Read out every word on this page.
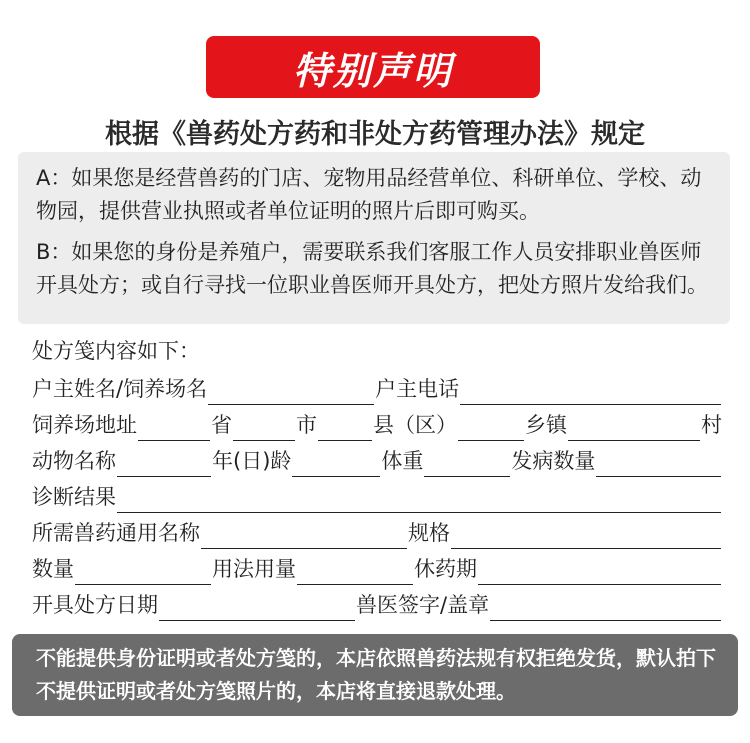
特别声明
根据《兽药处方药和非处方药管理办法》规定

A：如果您是经营兽药的门店、宠物用品经营单位、科研单位、学校、动物园，提供营业执照或者单位证明的照片后即可购买。

B：如果您的身份是养殖户，需要联系我们客服工作人员安排职业兽医师开具处方；或自行寻找一位职业兽医师开具处方，把处方照片发给我们。

处方笺内容如下：
户主姓名/饲养场名	户主电话
饲养场地址	省	市	县（区）	乡镇	村
动物名称	年(日)龄	体重	发病数量
诊断结果
所需兽药通用名称	规格
数量	用法用量	休药期
开具处方日期	兽医签字/盖章
不能提供身份证明或者处方笺的，本店依照兽药法规有权拒绝发货，默认拍下不提供证明或者处方笺照片的，本店将直接退款处理。
